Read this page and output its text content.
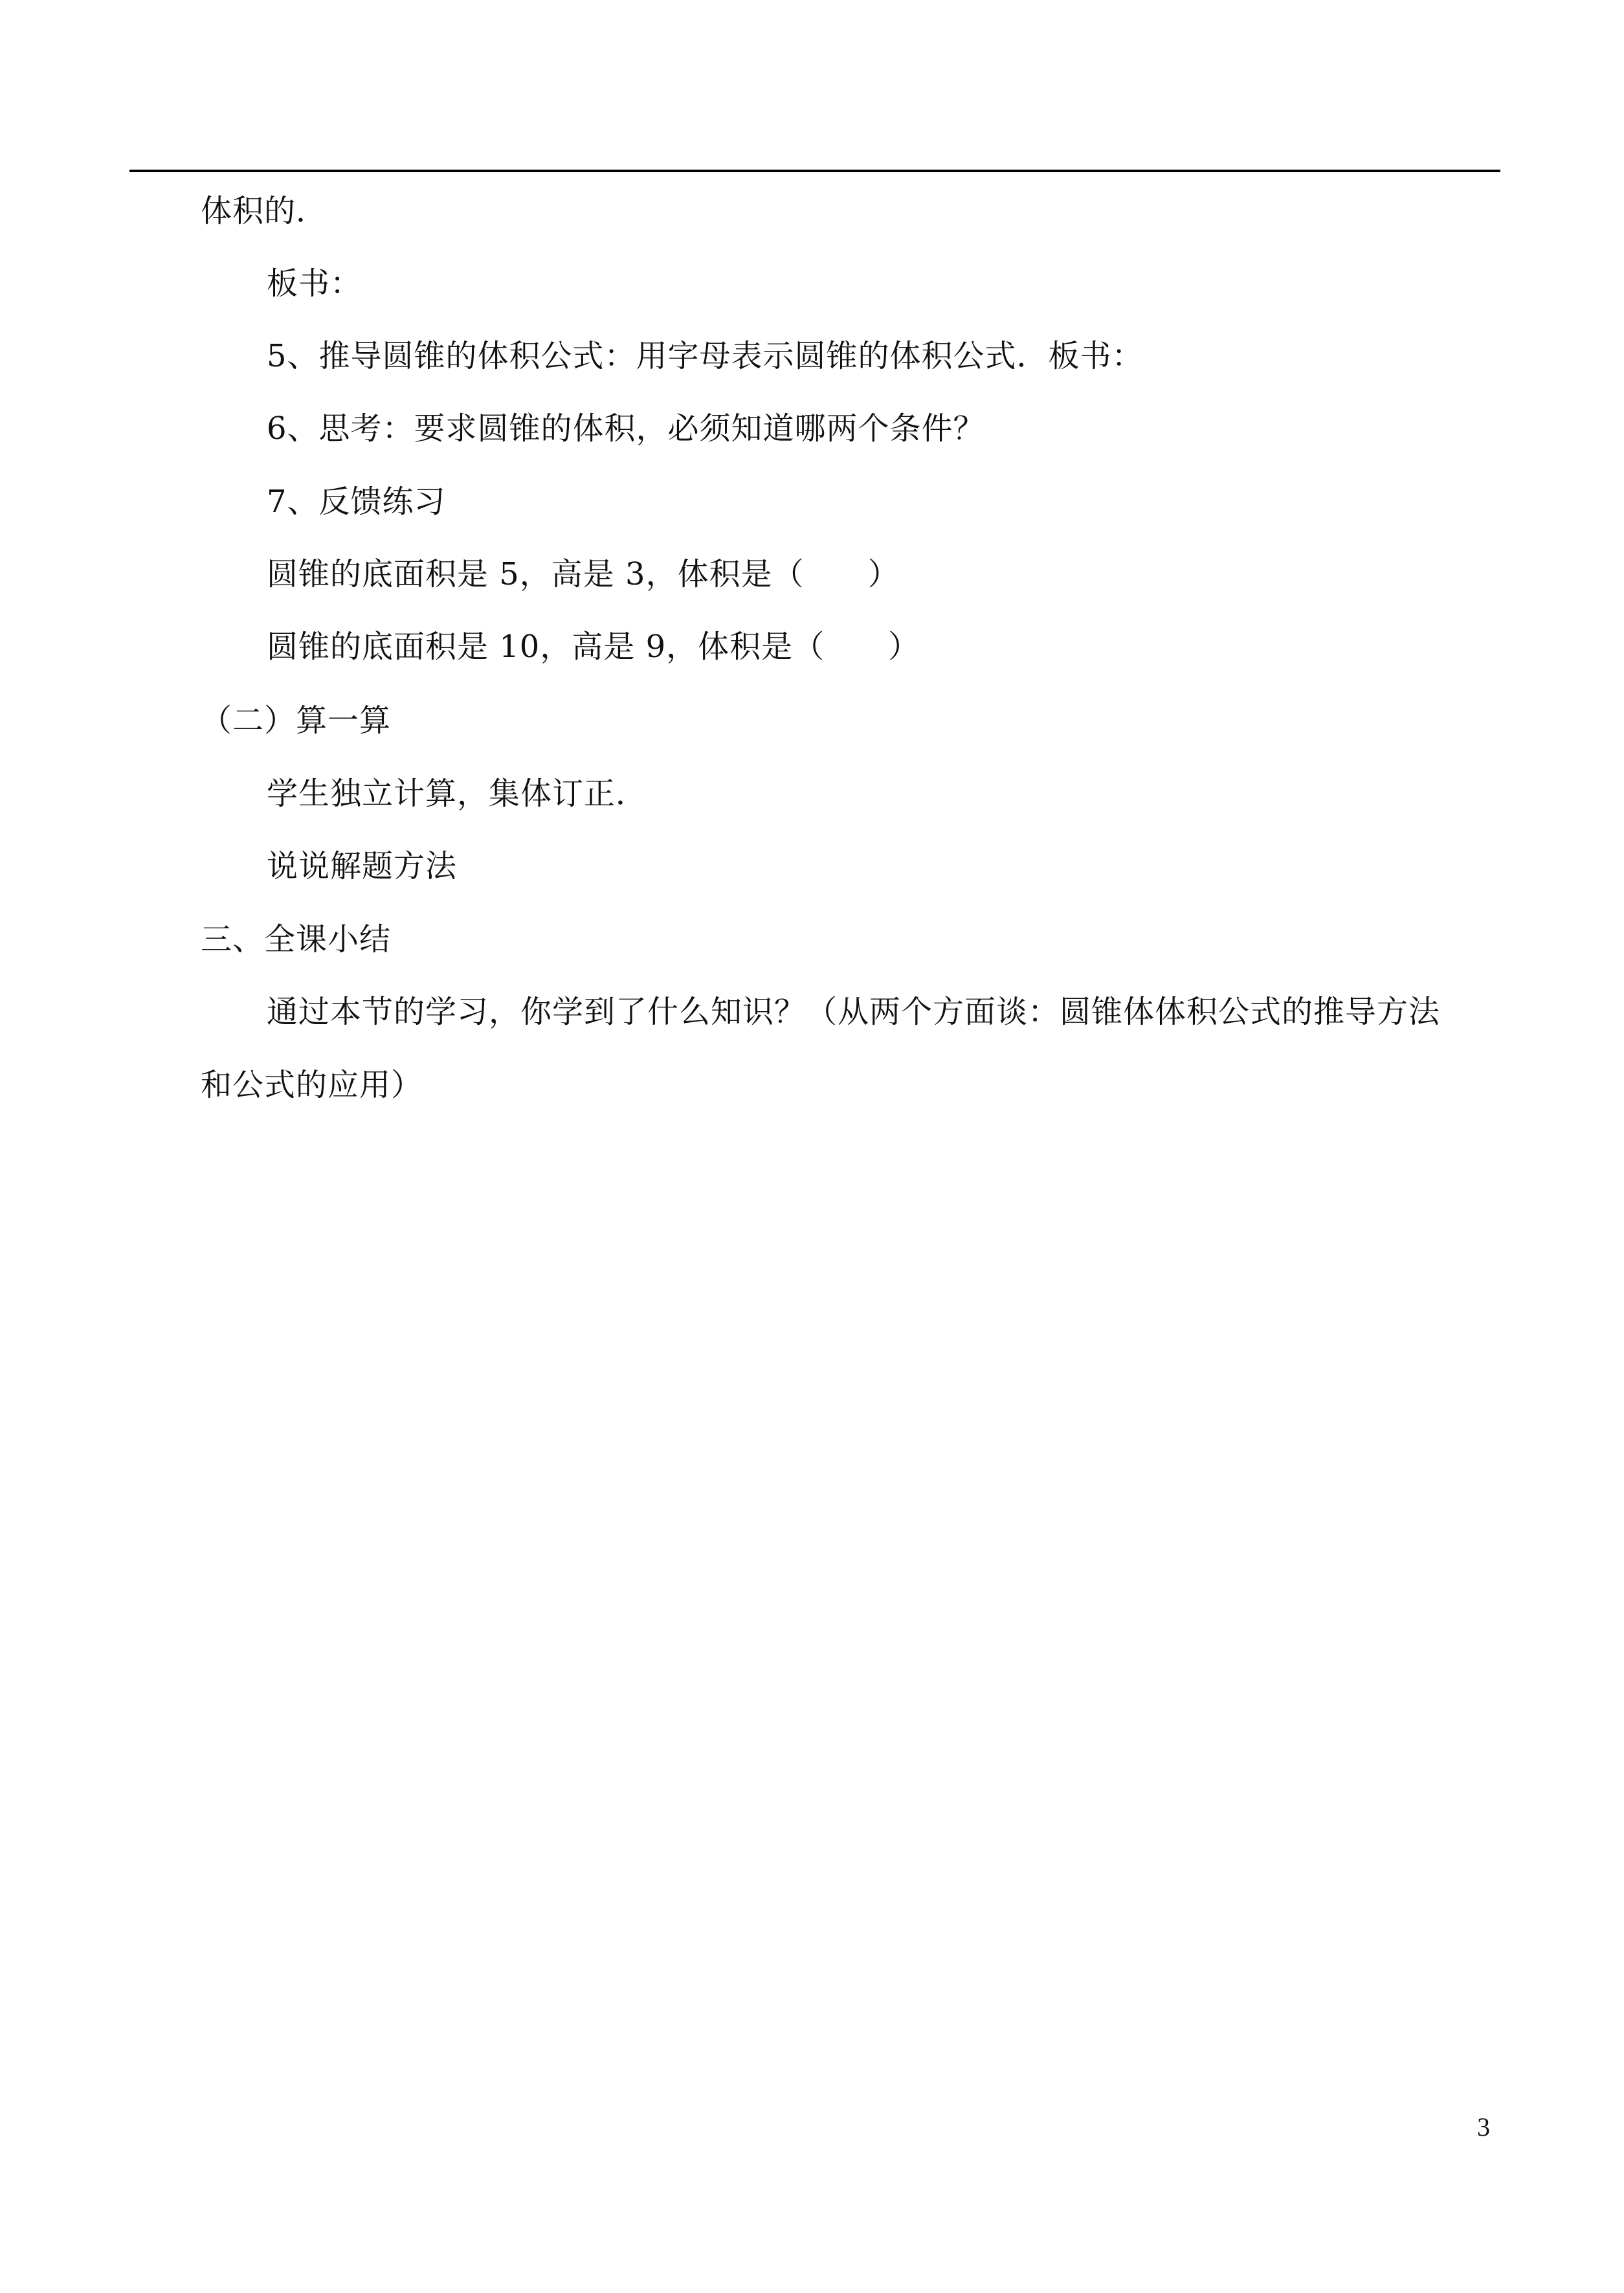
体积的．
板书：
5、推导圆锥的体积公式：用字母表示圆锥的体积公式．板书：
6、思考：要求圆锥的体积，必须知道哪两个条件？
7、反馈练习
圆锥的底面积是 5，高是 3，体积是（　　）
圆锥的底面积是 10，高是 9，体积是（　　）
（二）算一算
学生独立计算，集体订正．
说说解题方法
三、全课小结
通过本节的学习，你学到了什么知识？（从两个方面谈：圆锥体体积公式的推导方法
和公式的应用）
3
